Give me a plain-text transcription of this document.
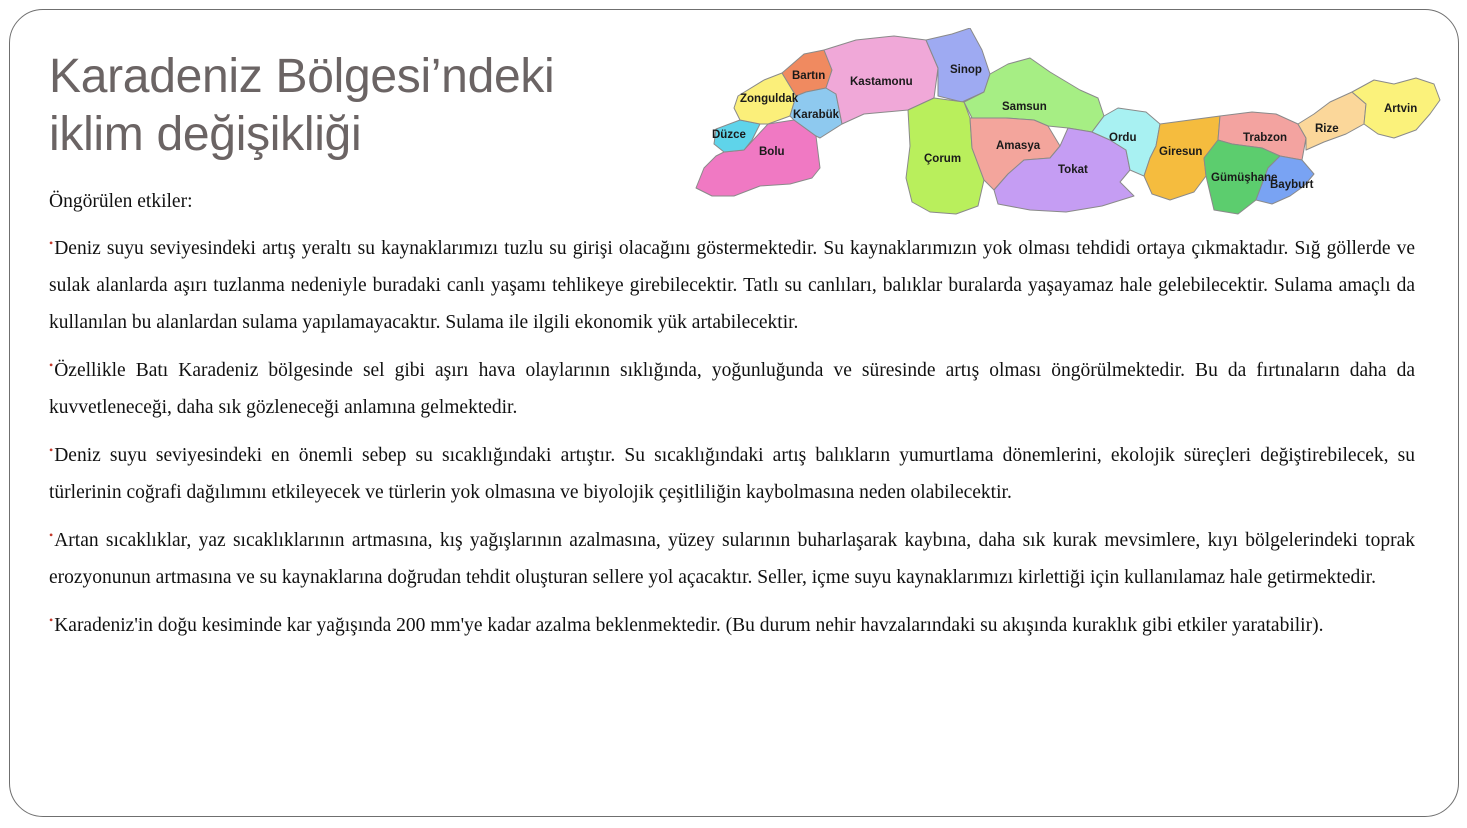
Karadeniz Bölgesi’ndeki
iklim değişikliği
Bartın
Zonguldak
Kastamonu
Sinop
Karabük
Düzce
Bolu
Samsun
Çorum
Amasya
Tokat
Ordu
Giresun
Trabzon
Gümüşhane
Bayburt
Rize
Artvin

Öngörülen etkiler:

•Deniz suyu seviyesindeki artış yeraltı su kaynaklarımızı tuzlu su girişi olacağını göstermektedir. Su kaynaklarımızın yok olması tehdidi ortaya çıkmaktadır. Sığ göllerde ve sulak alanlarda aşırı tuzlanma nedeniyle buradaki canlı yaşamı tehlikeye girebilecektir. Tatlı su canlıları, balıklar buralarda yaşayamaz hale gelebilecektir. Sulama amaçlı da kullanılan bu alanlardan sulama yapılamayacaktır. Sulama ile ilgili ekonomik yük artabilecektir.

•Özellikle Batı Karadeniz bölgesinde sel gibi aşırı hava olaylarının sıklığında, yoğunluğunda ve süresinde artış olması öngörülmektedir. Bu da fırtınaların daha da kuvvetleneceği, daha sık gözleneceği anlamına gelmektedir.

•Deniz suyu seviyesindeki en önemli sebep su sıcaklığındaki artıştır. Su sıcaklığındaki artış balıkların yumurtlama dönemlerini, ekolojik süreçleri değiştirebilecek, su türlerinin coğrafi dağılımını etkileyecek ve türlerin yok olmasına ve biyolojik çeşitliliğin kaybolmasına neden olabilecektir.

•Artan sıcaklıklar, yaz sıcaklıklarının artmasına, kış yağışlarının azalmasına, yüzey sularının buharlaşarak kaybına, daha sık kurak mevsimlere, kıyı bölgelerindeki toprak erozyonunun artmasına ve su kaynaklarına doğrudan tehdit oluşturan sellere yol açacaktır. Seller, içme suyu kaynaklarımızı kirlettiği için kullanılamaz hale getirmektedir.

•Karadeniz'in doğu kesiminde kar yağışında 200 mm'ye kadar azalma beklenmektedir. (Bu durum nehir havzalarındaki su akışında kuraklık gibi etkiler yaratabilir).
